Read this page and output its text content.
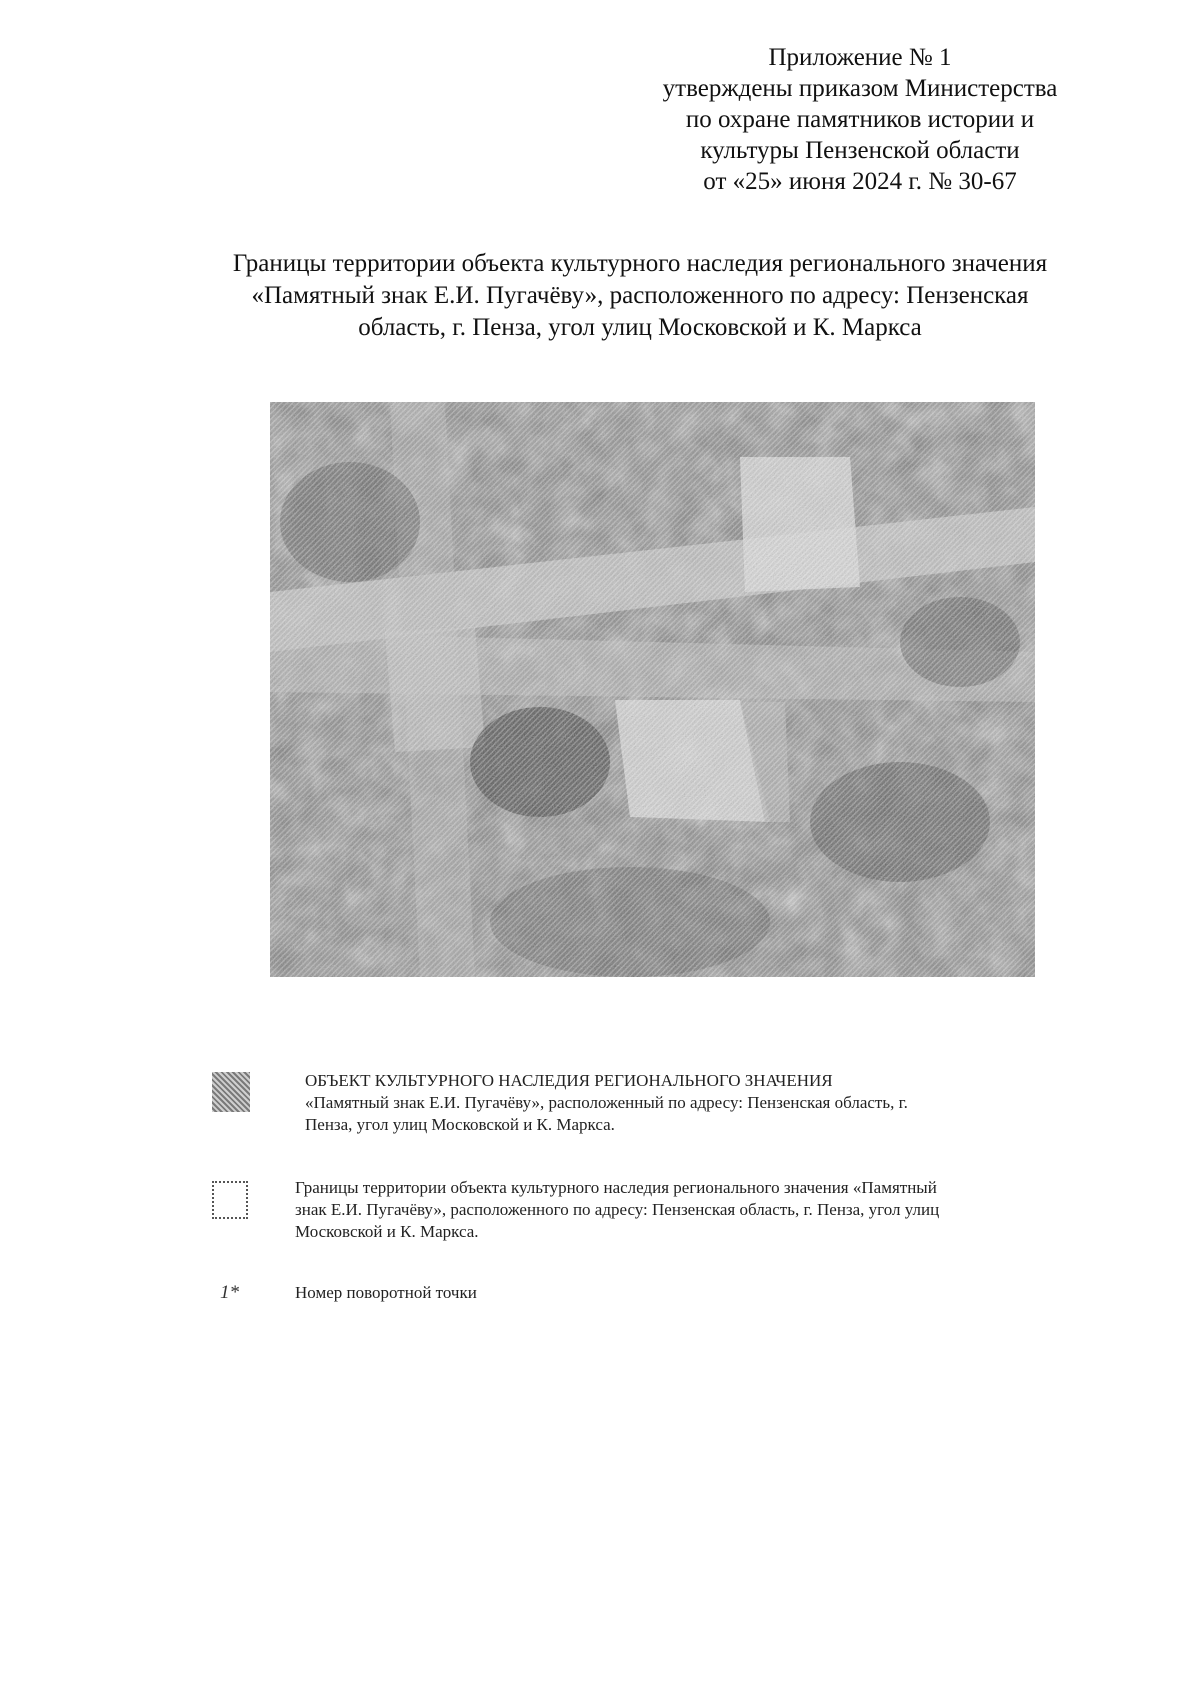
Приложение № 1
утверждены приказом Министерства
по охране памятников истории и
культуры Пензенской области
от «25» июня 2024 г. № 30-67
Границы территории объекта культурного наследия регионального значения
«Памятный знак Е.И. Пугачёву», расположенного по адресу: Пензенская
область, г. Пенза, угол улиц Московской и К. Маркса
ОБЪЕКТ КУЛЬТУРНОГО НАСЛЕДИЯ РЕГИОНАЛЬНОГО ЗНАЧЕНИЯ
«Памятный знак Е.И. Пугачёву», расположенный по адресу: Пензенская область, г.
Пенза, угол улиц Московской и К. Маркса.
Границы территории объекта культурного наследия регионального значения «Памятный
знак Е.И. Пугачёву», расположенного по адресу: Пензенская область, г. Пенза, угол улиц
Московской и К. Маркса.
1*	Номер поворотной точки
